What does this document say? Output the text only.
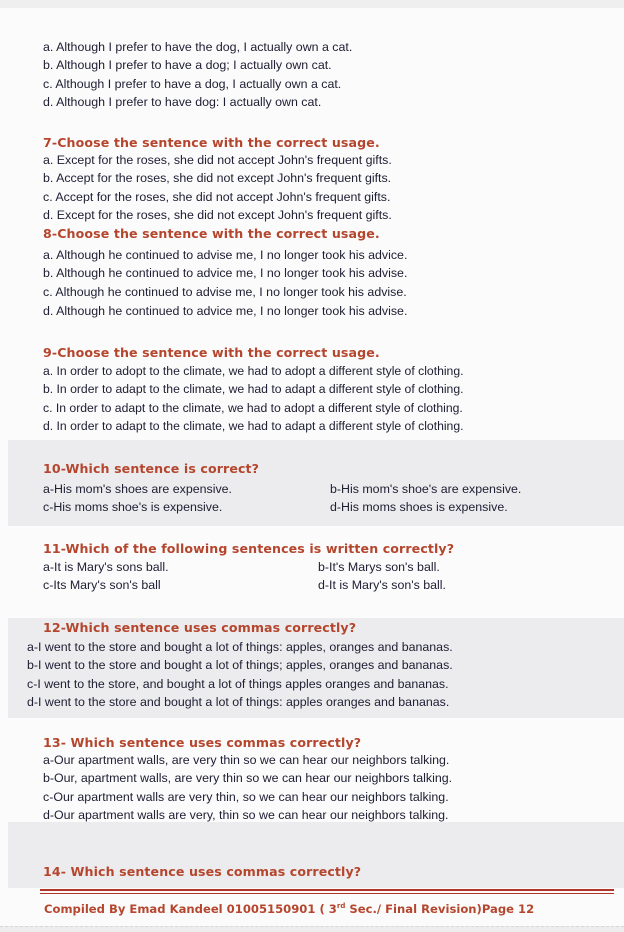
a. Although I prefer to have the dog, I actually own a cat.
b. Although I prefer to have a dog; I actually own cat.
c. Although I prefer to have a dog, I actually own a cat.
d. Although I prefer to have dog: I actually own cat.
7-Choose the sentence with the correct usage.
a. Except for the roses, she did not accept John's frequent gifts.
b. Accept for the roses, she did not except John's frequent gifts.
c. Accept for the roses, she did not accept John's frequent gifts.
d. Except for the roses, she did not except John's frequent gifts.
8-Choose the sentence with the correct usage.
a. Although he continued to advise me, I no longer took his advice.
b. Although he continued to advice me, I no longer took his advise.
c. Although he continued to advise me, I no longer took his advise.
d. Although he continued to advice me, I no longer took his advise.
9-Choose the sentence with the correct usage.
a. In order to adopt to the climate, we had to adopt a different style of clothing.
b. In order to adapt to the climate, we had to adapt a different style of clothing.
c. In order to adapt to the climate, we had to adopt a different style of clothing.
d. In order to adapt to the climate, we had to adapt a different style of clothing.
10-Which sentence is correct?
a-His mom's shoes are expensive.	b-His mom's shoe's are expensive.
c-His moms shoe's is expensive.	d-His moms shoes is expensive.
11-Which of the following sentences is written correctly?
a-It is Mary's sons ball.	b-It's Marys son's ball.
c-Its Mary's son's ball	d-It is Mary's son's ball.
12-Which sentence uses commas correctly?
a-I went to the store and bought a lot of things: apples, oranges and bananas.
b-I went to the store and bought a lot of things; apples, oranges and bananas.
c-I went to the store, and bought a lot of things apples oranges and bananas.
d-I went to the store and bought a lot of things: apples oranges and bananas.
13- Which sentence uses commas correctly?
a-Our apartment walls, are very thin so we can hear our neighbors talking.
b-Our, apartment walls, are very thin so we can hear our neighbors talking.
c-Our apartment walls are very thin, so we can hear our neighbors talking.
d-Our apartment walls are very, thin so we can hear our neighbors talking.
14- Which sentence uses commas correctly?
Compiled By Emad Kandeel 01005150901 ( 3rd Sec./ Final Revision)Page 12
